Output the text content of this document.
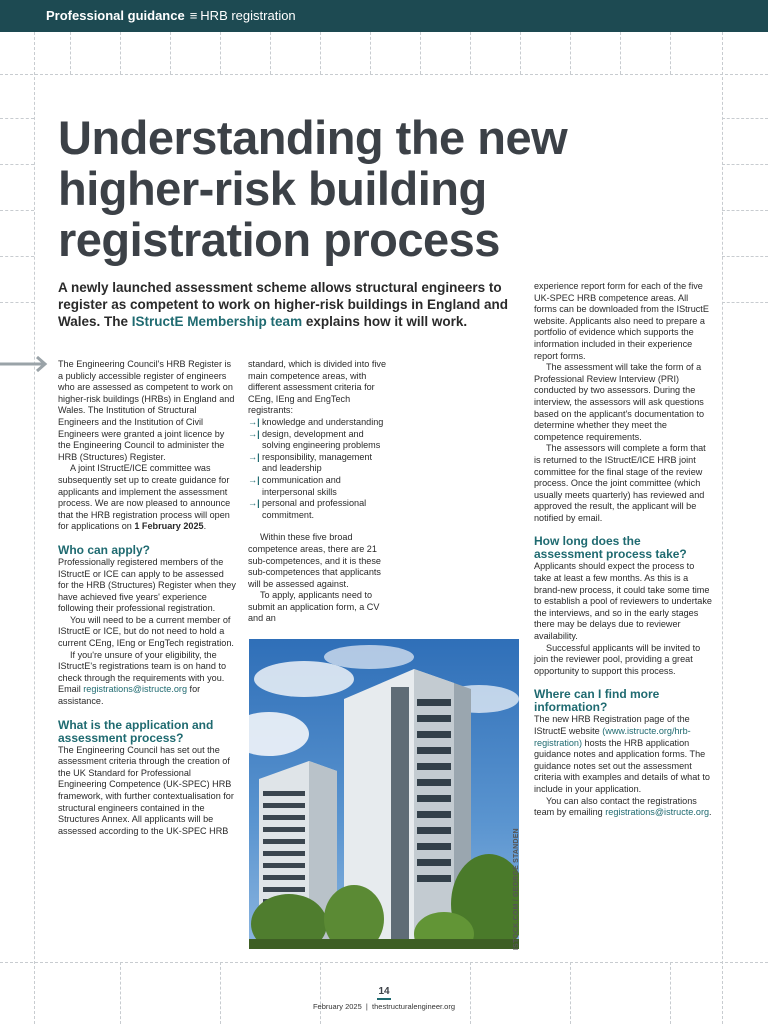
Professional guidance ≡ HRB registration
Understanding the new higher-risk building registration process

A newly launched assessment scheme allows structural engineers to register as competent to work on higher-risk buildings in England and Wales. The IStructE Membership team explains how it will work.

The Engineering Council's HRB Register is a publicly accessible register of engineers who are assessed as competent to work on higher-risk buildings (HRBs) in England and Wales. The Institution of Structural Engineers and the Institution of Civil Engineers were granted a joint licence by the Engineering Council to administer the HRB (Structures) Register.

A joint IStructE/ICE committee was subsequently set up to create guidance for applicants and implement the assessment process. We are now pleased to announce that the HRB registration process will open for applications on 1 February 2025.

Who can apply?

Professionally registered members of the IStructE or ICE can apply to be assessed for the HRB (Structures) Register when they have achieved five years' experience following their professional registration.

You will need to be a current member of IStructE or ICE, but do not need to hold a current CEng, IEng or EngTech registration.

If you're unsure of your eligibility, the IStructE's registrations team is on hand to check through the requirements with you. Email registrations@istructe.org for assistance.

What is the application and assessment process?

The Engineering Council has set out the assessment criteria through the creation of the UK Standard for Professional Engineering Competence (UK-SPEC) HRB framework, with further contextualisation for structural engineers contained in the Structures Annex. All applicants will be assessed according to the UK-SPEC HRB

standard, which is divided into five main competence areas, with different assessment criteria for CEng, IEng and EngTech registrants:

→| knowledge and understanding
→| design, development and solving engineering problems
→| responsibility, management and leadership
→| communication and interpersonal skills
→| personal and professional commitment.

Within these five broad competence areas, there are 21 sub-competences, and it is these sub-competences that applicants will be assessed against.

To apply, applicants need to submit an application form, a CV and an

ISTOCK.COM / GEORGE STANDEN

experience report form for each of the five UK-SPEC HRB competence areas. All forms can be downloaded from the IStructE website. Applicants also need to prepare a portfolio of evidence which supports the information included in their experience report forms.

The assessment will take the form of a Professional Review Interview (PRI) conducted by two assessors. During the interview, the assessors will ask questions based on the applicant's documentation to determine whether they meet the competence requirements.

The assessors will complete a form that is returned to the IStructE/ICE HRB joint committee for the final stage of the review process. Once the joint committee (which usually meets quarterly) has reviewed and approved the result, the applicant will be notified by email.

How long does the assessment process take?

Applicants should expect the process to take at least a few months. As this is a brand-new process, it could take some time to establish a pool of reviewers to undertake the interviews, and so in the early stages there may be delays due to reviewer availability.

Successful applicants will be invited to join the reviewer pool, providing a great opportunity to support this process.

Where can I find more information?

The new HRB Registration page of the IStructE website (www.istructe.org/hrb-registration) hosts the HRB application guidance notes and application forms. The guidance notes set out the assessment criteria with examples and details of what to include in your application.

You can also contact the registrations team by emailing registrations@istructe.org.

14
February 2025 | thestructuralengineer.org
